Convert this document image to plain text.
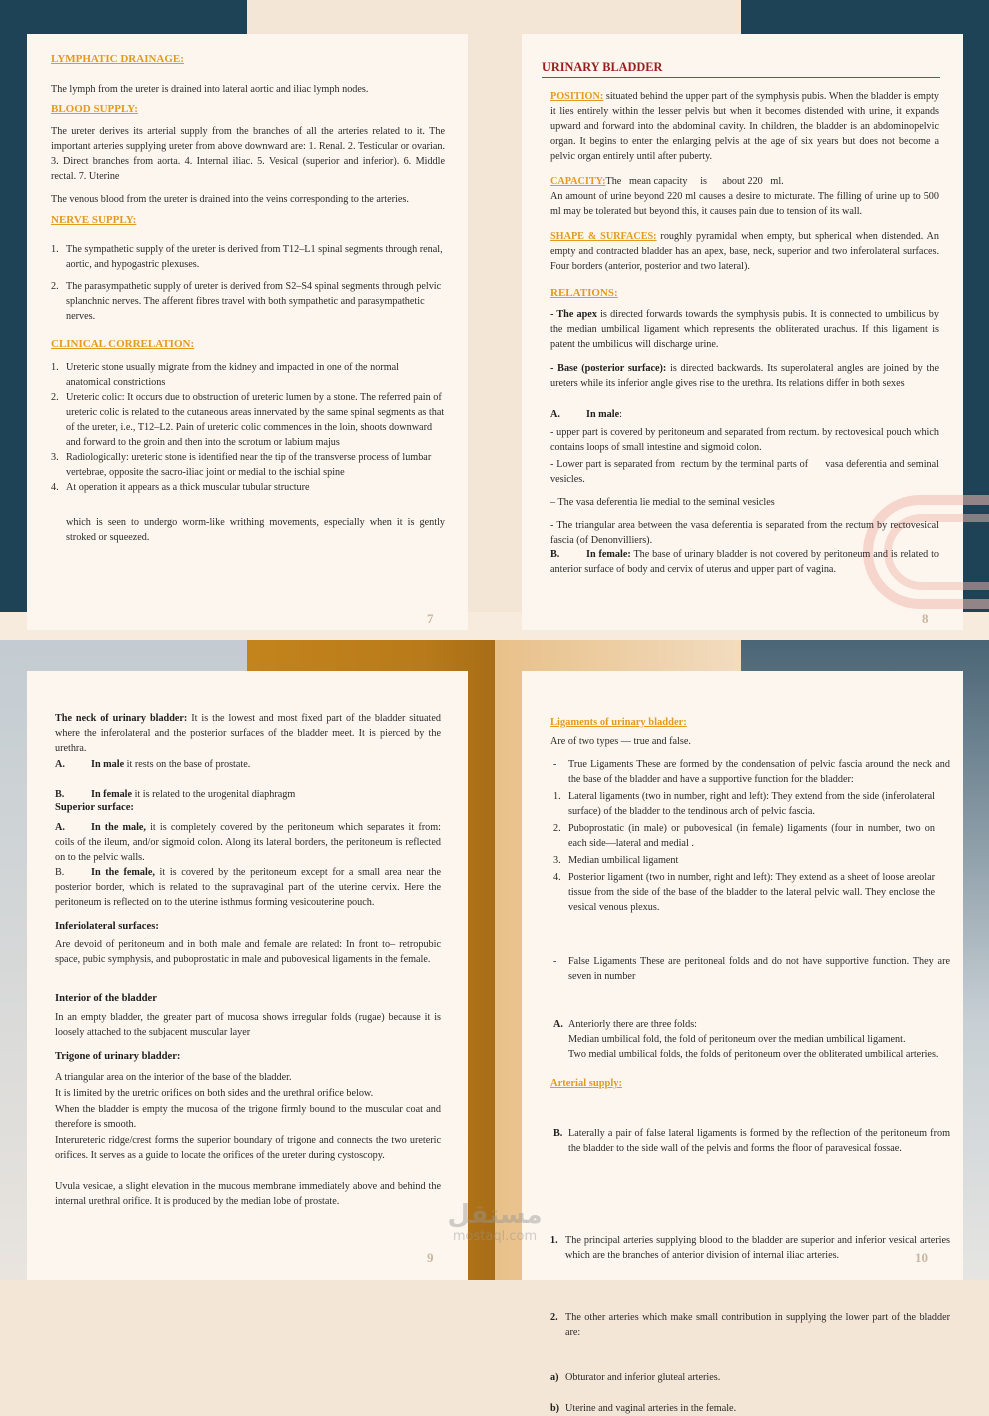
LYMPHATIC DRAINAGE:

The lymph from the ureter is drained into lateral aortic and iliac lymph nodes.

BLOOD SUPPLY:

The ureter derives its arterial supply from the branches of all the arteries related to it. The important arteries supplying ureter from above downward are: 1. Renal. 2. Testicular or ovarian. 3. Direct branches from aorta. 4. Internal iliac. 5. Vesical (superior and inferior). 6. Middle rectal. 7. Uterine

The venous blood from the ureter is drained into the veins corresponding to the arteries.

NERVE SUPPLY:

1. The sympathetic supply of the ureter is derived from T12–L1 spinal segments through renal, aortic, and hypogastric plexuses.
2. The parasympathetic supply of ureter is derived from S2–S4 spinal segments through pelvic splanchnic nerves. The afferent fibres travel with both sympathetic and parasympathetic nerves.

CLINICAL CORRELATION:

1. Ureteric stone usually migrate from the kidney and impacted in one of the normal anatomical constrictions
2. Ureteric colic: It occurs due to obstruction of ureteric lumen by a stone. The referred pain of ureteric colic is related to the cutaneous areas innervated by the same spinal segments as that of the ureter, i.e., T12–L2. Pain of ureteric colic commences in the loin, shoots downward and forward to the groin and then into the scrotum or labium majus
3. Radiologically: ureteric stone is identified near the tip of the transverse process of lumbar vertebrae, opposite the sacro-iliac joint or medial to the ischial spine
4. At operation it appears as a thick muscular tubular structure

which is seen to undergo worm-like writhing movements, especially when it is gently stroked or squeezed.

7

URINARY BLADDER

POSITION: situated behind the upper part of the symphysis pubis. When the bladder is empty it lies entirely within the lesser pelvis but when it becomes distended with urine, it expands upward and forward into the abdominal cavity. In children, the bladder is an abdominopelvic organ. It begins to enter the enlarging pelvis at the age of six years but does not become a pelvic organ entirely until after puberty.

CAPACITY:The   mean capacity     is      about 220   ml.

An amount of urine beyond 220 ml causes a desire to micturate. The filling of urine up to 500 ml may be tolerated but beyond this, it causes pain due to tension of its wall.

SHAPE & SURFACES: roughly pyramidal when empty, but spherical when distended. An empty and contracted bladder has an apex, base, neck, superior and two inferolateral surfaces. Four borders (anterior, posterior and two lateral).

RELATIONS:

- The apex is directed forwards towards the symphysis pubis. It is connected to umbilicus by the median umbilical ligament which represents the obliterated urachus. If this ligament is patent the umbilicus will discharge urine.

- Base (posterior surface): is directed backwards. Its superolateral angles are joined by the ureters while its inferior angle gives rise to the urethra. Its relations differ in both sexes

A.	In male:

- upper part is covered by peritoneum and separated from rectum. by rectovesical pouch which contains loops of small intestine and sigmoid colon.

- Lower part is separated from  rectum by the terminal parts of      vasa deferentia and seminal vesicles.

– The vasa deferentia lie medial to the seminal vesicles

- The triangular area between the vasa deferentia is separated from the rectum by rectovesical fascia (of Denonvilliers).

B.	In female: The base of urinary bladder is not covered by peritoneum and is related to anterior surface of body and cervix of uterus and upper part of vagina.

8

The neck of urinary bladder: It is the lowest and most fixed part of the bladder situated where the inferolateral and the posterior surfaces of the bladder meet. It is pierced by the urethra.

A.	In male it rests on the base of prostate.

B.	In female it is related to the urogenital diaphragm

Superior surface:

A.	In the male, it is completely covered by the peritoneum which separates it from: coils of the ileum, and/or sigmoid colon. Along its lateral borders, the peritoneum is reflected on to the pelvic walls.

B.	In the female, it is covered by the peritoneum except for a small area near the posterior border, which is related to the supravaginal part of the uterine cervix. Here the peritoneum is reflected on to the uterine isthmus forming vesicouterine pouch.

Inferiolateral surfaces:

Are devoid of peritoneum and in both male and female are related: In front to– retropubic space, pubic symphysis, and puboprostatic in male and pubovesical ligaments in the female.

Interior of the bladder

In an empty bladder, the greater part of mucosa shows irregular folds (rugae) because it is loosely attached to the subjacent muscular layer

Trigone of urinary bladder:

A triangular area on the interior of the base of the bladder.

It is limited by the uretric orifices on both sides and the urethral orifice below.

When the bladder is empty the mucosa of the trigone firmly bound to the muscular coat and therefore is smooth.

Interureteric ridge/crest forms the superior boundary of trigone and connects the two ureteric orifices. It serves as a guide to locate the orifices of the ureter during cystoscopy.

Uvula vesicae, a slight elevation in the mucous membrane immediately above and behind the internal urethral orifice. It is produced by the median lobe of prostate.

9

Ligaments of urinary bladder:

Are of two types — true and false.

- True Ligaments These are formed by the condensation of pelvic fascia around the neck and the base of the bladder and have a supportive function for the bladder:

1. Lateral ligaments (two in number, right and left): They extend from the side (inferolateral surface) of the bladder to the tendinous arch of pelvic fascia.
2. Puboprostatic (in male) or pubovesical (in female) ligaments (four in number, two on each side—lateral and medial .
3. Median umbilical ligament
4. Posterior ligament (two in number, right and left): They extend as a sheet of loose areolar tissue from the side of the base of the bladder to the lateral pelvic wall. They enclose the vesical venous plexus.

- False Ligaments These are peritoneal folds and do not have supportive function. They are seven in number

A. Anteriorly there are three folds:
Median umbilical fold, the fold of peritoneum over the median umbilical ligament.
Two medial umbilical folds, the folds of peritoneum over the obliterated umbilical arteries.

B. Laterally a pair of false lateral ligaments is formed by the reflection of the peritoneum from the bladder to the side wall of the pelvis and forms the floor of paravesical fossae.

Arterial supply:

1. The principal arteries supplying blood to the bladder are superior and inferior vesical arteries which are the branches of anterior division of internal iliac arteries.

2. The other arteries which make small contribution in supplying the lower part of the bladder are:

a) Obturator and inferior gluteal arteries.

b) Uterine and vaginal arteries in the female.

10
مستقل
mostaql.com
